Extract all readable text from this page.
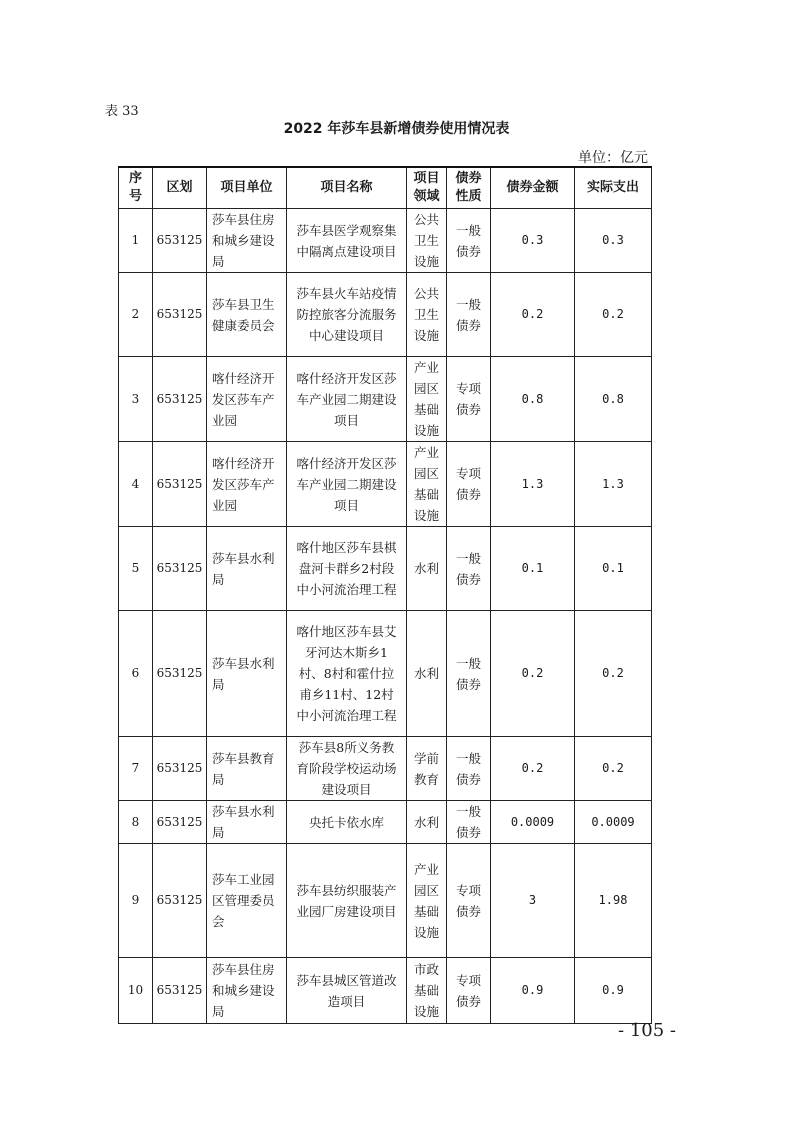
表 33
2022 年莎车县新增债券使用情况表
单位：亿元
序号	区划	项目单位	项目名称	项目领域	债券性质	债券金额	实际支出
1	653125	莎车县住房和城乡建设局	莎车县医学观察集中隔离点建设项目	公共卫生设施	一般债券	0.3	0.3
2	653125	莎车县卫生健康委员会	莎车县火车站疫情防控旅客分流服务中心建设项目	公共卫生设施	一般债券	0.2	0.2
3	653125	喀什经济开发区莎车产业园	喀什经济开发区莎车产业园二期建设项目	产业园区基础设施	专项债券	0.8	0.8
4	653125	喀什经济开发区莎车产业园	喀什经济开发区莎车产业园二期建设项目	产业园区基础设施	专项债券	1.3	1.3
5	653125	莎车县水利局	喀什地区莎车县棋盘河卡群乡2村段中小河流治理工程	水利	一般债券	0.1	0.1
6	653125	莎车县水利局	喀什地区莎车县艾牙河达木斯乡1村、8村和霍什拉甫乡11村、12村中小河流治理工程	水利	一般债券	0.2	0.2
7	653125	莎车县教育局	莎车县8所义务教育阶段学校运动场建设项目	学前教育	一般债券	0.2	0.2
8	653125	莎车县水利局	央托卡依水库	水利	一般债券	0.0009	0.0009
9	653125	莎车工业园区管理委员会	莎车县纺织服装产业园厂房建设项目	产业园区基础设施	专项债券	3	1.98
10	653125	莎车县住房和城乡建设局	莎车县城区管道改造项目	市政基础设施	专项债券	0.9	0.9
- 105 -
